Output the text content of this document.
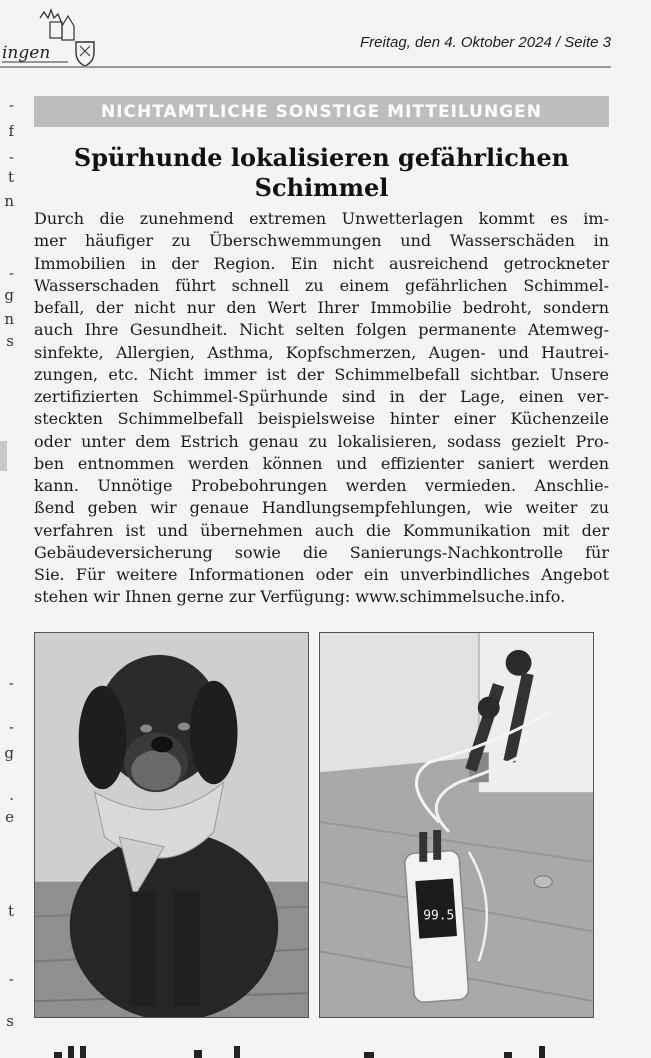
ingen
Freitag, den 4. Oktober 2024 / Seite 3
-
f
-
t
n
-
g
n
s
-
-
g
.
e
t
-
s
NICHTAMTLICHE SONSTIGE MITTEILUNGEN
Spürhunde lokalisieren gefährlichen
Schimmel
Durch die zunehmend extremen Unwetterlagen kommt es im-
mer häufiger zu Überschwemmungen und Wasserschäden in
Immobilien in der Region. Ein nicht ausreichend getrockneter
Wasserschaden führt schnell zu einem gefährlichen Schimmel-
befall, der nicht nur den Wert Ihrer Immobilie bedroht, sondern
auch Ihre Gesundheit. Nicht selten folgen permanente Atemweg-
sinfekte, Allergien, Asthma, Kopfschmerzen, Augen- und Hautrei-
zungen, etc. Nicht immer ist der Schimmelbefall sichtbar. Unsere
zertifizierten Schimmel-Spürhunde sind in der Lage, einen ver-
steckten Schimmelbefall beispielsweise hinter einer Küchenzeile
oder unter dem Estrich genau zu lokalisieren, sodass gezielt Pro-
ben entnommen werden können und effizienter saniert werden
kann. Unnötige Probebohrungen werden vermieden. Anschlie-
ßend geben wir genaue Handlungsempfehlungen, wie weiter zu
verfahren ist und übernehmen auch die Kommunikation mit der
Gebäudeversicherung sowie die Sanierungs-Nachkontrolle für
Sie. Für weitere Informationen oder ein unverbindliches Angebot
stehen wir Ihnen gerne zur Verfügung: www.schimmelsuche.info.
99.5
